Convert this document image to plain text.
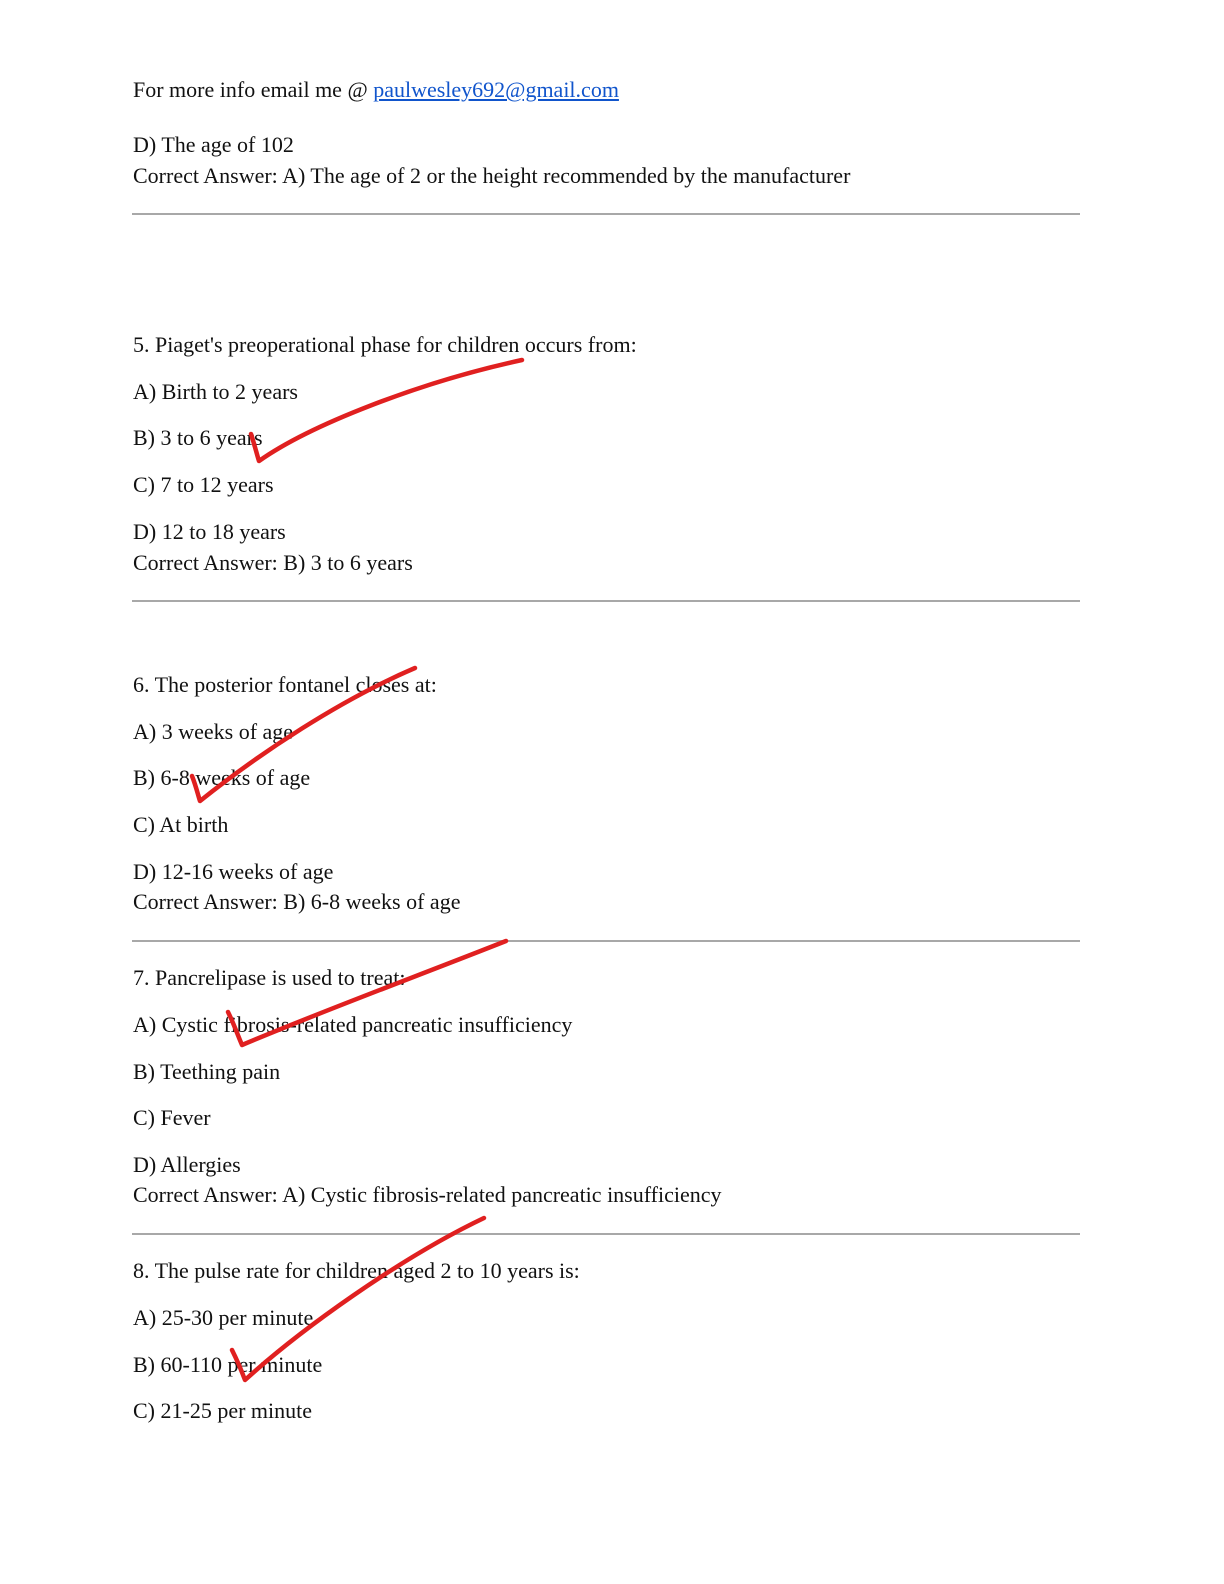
For more info email me @ paulwesley692@gmail.com
D) The age of 102
Correct Answer: A) The age of 2 or the height recommended by the manufacturer
5. Piaget's preoperational phase for children occurs from:
A) Birth to 2 years
B) 3 to 6 years
C) 7 to 12 years
D) 12 to 18 years
Correct Answer: B) 3 to 6 years
6. The posterior fontanel closes at:
A) 3 weeks of age
B) 6-8 weeks of age
C) At birth
D) 12-16 weeks of age
Correct Answer: B) 6-8 weeks of age
7. Pancrelipase is used to treat:
A) Cystic fibrosis-related pancreatic insufficiency
B) Teething pain
C) Fever
D) Allergies
Correct Answer: A) Cystic fibrosis-related pancreatic insufficiency
8. The pulse rate for children aged 2 to 10 years is:
A) 25-30 per minute
B) 60-110 per minute
C) 21-25 per minute
